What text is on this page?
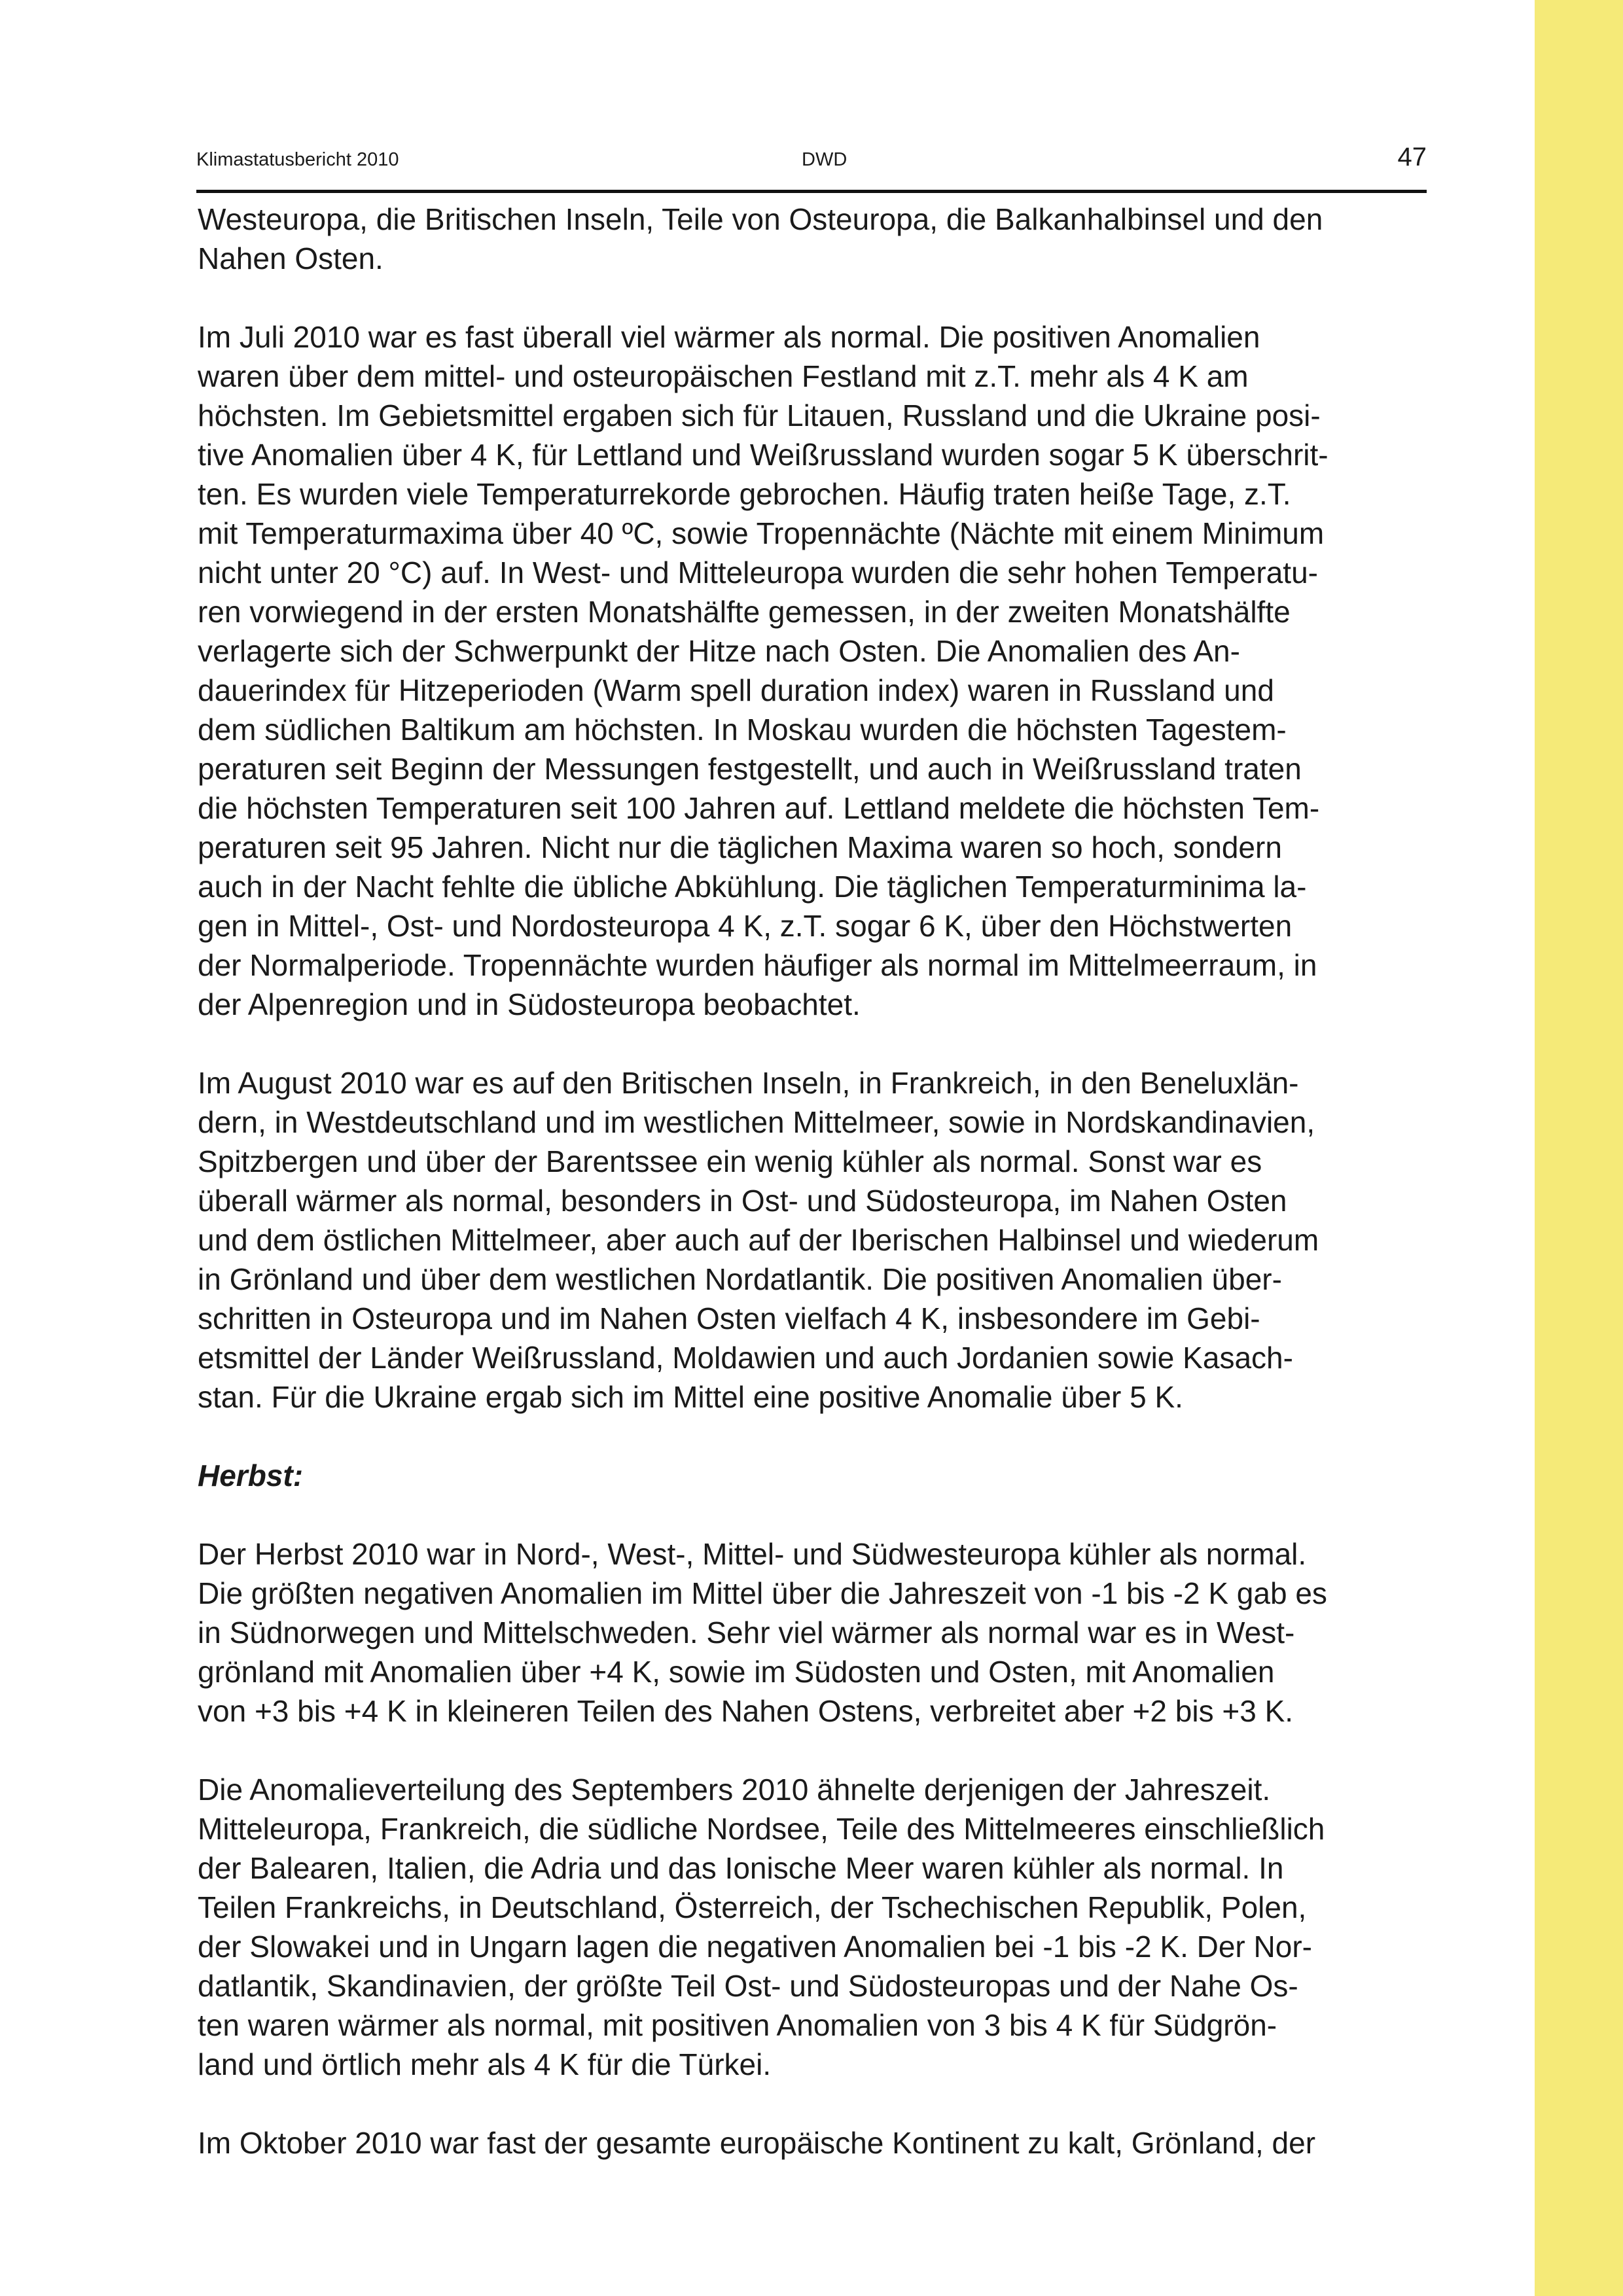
Klimastatusbericht 2010	DWD	47

Westeuropa, die Britischen Inseln, Teile von Osteuropa, die Balkanhalbinsel und den
Nahen Osten.

Im Juli 2010 war es fast überall viel wärmer als normal. Die positiven Anomalien
waren über dem mittel- und osteuropäischen Festland mit z.T. mehr als 4 K am
höchsten. Im Gebietsmittel ergaben sich für Litauen, Russland und die Ukraine posi-
tive Anomalien über 4 K, für Lettland und Weißrussland wurden sogar 5 K überschrit-
ten. Es wurden viele Temperaturrekorde gebrochen. Häufig traten heiße Tage, z.T.
mit Temperaturmaxima über 40 ºC, sowie Tropennächte (Nächte mit einem Minimum
nicht unter 20 °C) auf. In West- und Mitteleuropa wurden die sehr hohen Temperatu-
ren vorwiegend in der ersten Monatshälfte gemessen, in der zweiten Monatshälfte
verlagerte sich der Schwerpunkt der Hitze nach Osten. Die Anomalien des An-
dauerindex für Hitzeperioden (Warm spell duration index) waren in Russland und
dem südlichen Baltikum am höchsten. In Moskau wurden die höchsten Tagestem-
peraturen seit Beginn der Messungen festgestellt, und auch in Weißrussland traten
die höchsten Temperaturen seit 100 Jahren auf. Lettland meldete die höchsten Tem-
peraturen seit 95 Jahren. Nicht nur die täglichen Maxima waren so hoch, sondern
auch in der Nacht fehlte die übliche Abkühlung. Die täglichen Temperaturminima la-
gen in Mittel-, Ost- und Nordosteuropa 4 K, z.T. sogar 6 K, über den Höchstwerten
der Normalperiode. Tropennächte wurden häufiger als normal im Mittelmeerraum, in
der Alpenregion und in Südosteuropa beobachtet.

Im August 2010 war es auf den Britischen Inseln, in Frankreich, in den Beneluxlän-
dern, in Westdeutschland und im westlichen Mittelmeer, sowie in Nordskandinavien,
Spitzbergen und über der Barentssee ein wenig kühler als normal. Sonst war es
überall wärmer als normal, besonders in Ost- und Südosteuropa, im Nahen Osten
und dem östlichen Mittelmeer, aber auch auf der Iberischen Halbinsel und wiederum
in Grönland und über dem westlichen Nordatlantik. Die positiven Anomalien über-
schritten in Osteuropa und im Nahen Osten vielfach 4 K, insbesondere im Gebi-
etsmittel der Länder Weißrussland, Moldawien und auch Jordanien sowie Kasach-
stan. Für die Ukraine ergab sich im Mittel eine positive Anomalie über 5 K.

Herbst:

Der Herbst 2010 war in Nord-, West-, Mittel- und Südwesteuropa kühler als normal.
Die größten negativen Anomalien im Mittel über die Jahreszeit von -1 bis -2 K gab es
in Südnorwegen und Mittelschweden. Sehr viel wärmer als normal war es in West-
grönland mit Anomalien über +4 K, sowie im Südosten und Osten, mit Anomalien
von +3 bis +4 K in kleineren Teilen des Nahen Ostens, verbreitet aber +2 bis +3 K.

Die Anomalieverteilung des Septembers 2010 ähnelte derjenigen der Jahreszeit.
Mitteleuropa, Frankreich, die südliche Nordsee, Teile des Mittelmeeres einschließlich
der Balearen, Italien, die Adria und das Ionische Meer waren kühler als normal. In
Teilen Frankreichs, in Deutschland, Österreich, der Tschechischen Republik, Polen,
der Slowakei und in Ungarn lagen die negativen Anomalien bei -1 bis -2 K. Der Nor-
datlantik, Skandinavien, der größte Teil Ost- und Südosteuropas und der Nahe Os-
ten waren wärmer als normal, mit positiven Anomalien von 3 bis 4 K für Südgrön-
land und örtlich mehr als 4 K für die Türkei.

Im Oktober 2010 war fast der gesamte europäische Kontinent zu kalt, Grönland, der
